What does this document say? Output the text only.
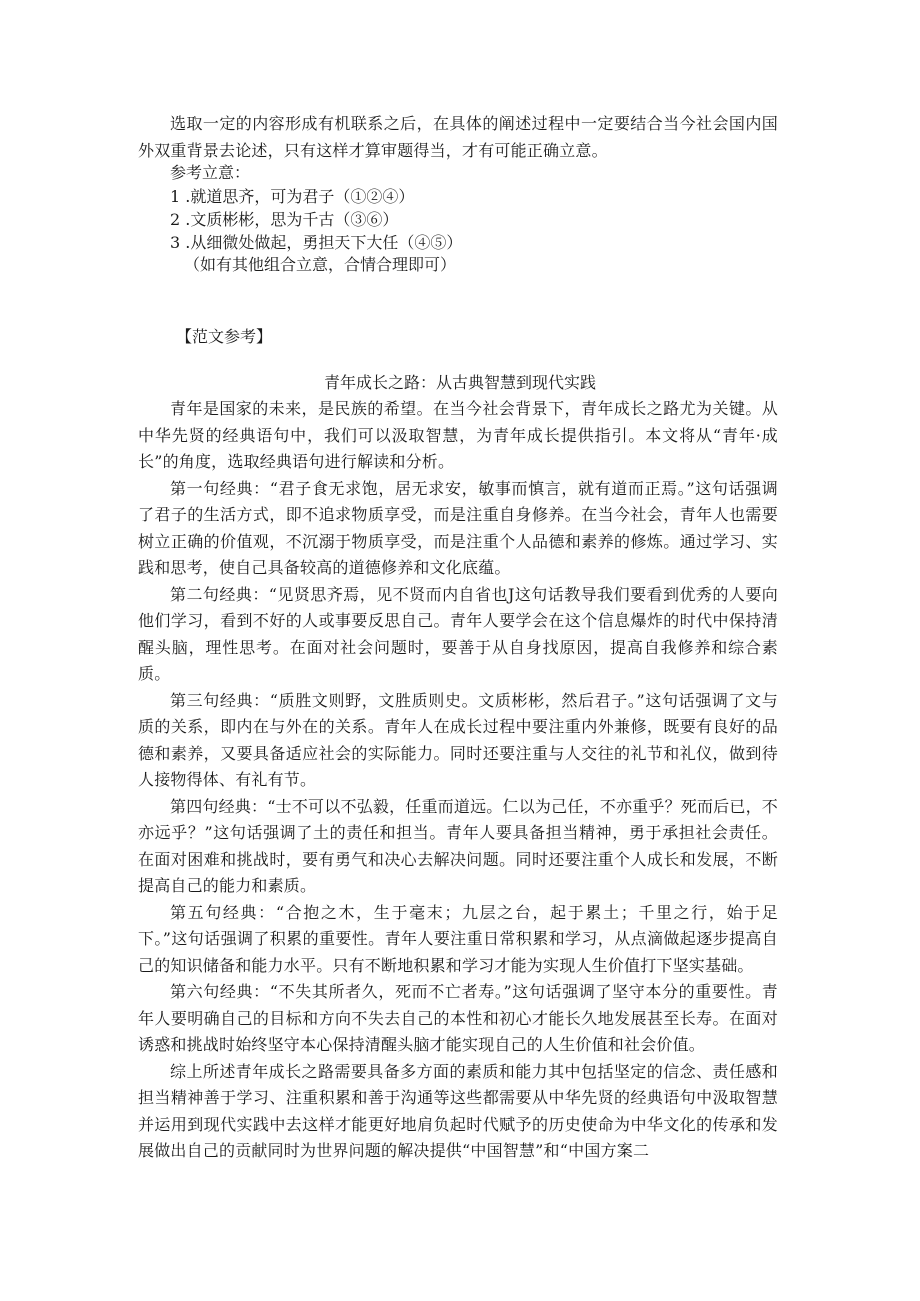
选取一定的内容形成有机联系之后，在具体的阐述过程中一定要结合当今社会国内国外双重背景去论述，只有这样才算审题得当，才有可能正确立意。

参考立意：
1 .就道思齐，可为君子（①②④）
2 .文质彬彬，思为千古（③⑥）
3 .从细微处做起，勇担天下大任（④⑤）
（如有其他组合立意，合情合理即可）
【范文参考】
青年成长之路：从古典智慧到现代实践

青年是国家的未来，是民族的希望。在当今社会背景下，青年成长之路尤为关键。从中华先贤的经典语句中，我们可以汲取智慧，为青年成长提供指引。本文将从“青年·成长”的角度，选取经典语句进行解读和分析。

第一句经典：“君子食无求饱，居无求安，敏事而慎言，就有道而正焉。”这句话强调了君子的生活方式，即不追求物质享受，而是注重自身修养。在当今社会，青年人也需要树立正确的价值观，不沉溺于物质享受，而是注重个人品德和素养的修炼。通过学习、实践和思考，使自己具备较高的道德修养和文化底蕴。

第二句经典：“见贤思齐焉，见不贤而内自省也J这句话教导我们要看到优秀的人要向他们学习，看到不好的人或事要反思自己。青年人要学会在这个信息爆炸的时代中保持清醒头脑，理性思考。在面对社会问题时，要善于从自身找原因，提高自我修养和综合素质。

第三句经典：“质胜文则野，文胜质则史。文质彬彬，然后君子。”这句话强调了文与质的关系，即内在与外在的关系。青年人在成长过程中要注重内外兼修，既要有良好的品德和素养，又要具备适应社会的实际能力。同时还要注重与人交往的礼节和礼仪，做到待人接物得体、有礼有节。

第四句经典：“士不可以不弘毅，任重而道远。仁以为己任，不亦重乎？死而后已，不亦远乎？”这句话强调了土的责任和担当。青年人要具备担当精神，勇于承担社会责任。在面对困难和挑战时，要有勇气和决心去解决问题。同时还要注重个人成长和发展，不断提高自己的能力和素质。

第五句经典：“合抱之木，生于毫末；九层之台，起于累土；千里之行，始于足下。”这句话强调了积累的重要性。青年人要注重日常积累和学习，从点滴做起逐步提高自己的知识储备和能力水平。只有不断地积累和学习才能为实现人生价值打下坚实基础。

第六句经典：“不失其所者久，死而不亡者寿。”这句话强调了坚守本分的重要性。青年人要明确自己的目标和方向不失去自己的本性和初心才能长久地发展甚至长寿。在面对诱惑和挑战时始终坚守本心保持清醒头脑才能实现自己的人生价值和社会价值。

综上所述青年成长之路需要具备多方面的素质和能力其中包括坚定的信念、责任感和担当精神善于学习、注重积累和善于沟通等这些都需要从中华先贤的经典语句中汲取智慧并运用到现代实践中去这样才能更好地肩负起时代赋予的历史使命为中华文化的传承和发展做出自己的贡献同时为世界问题的解决提供“中国智慧”和“中国方案二
